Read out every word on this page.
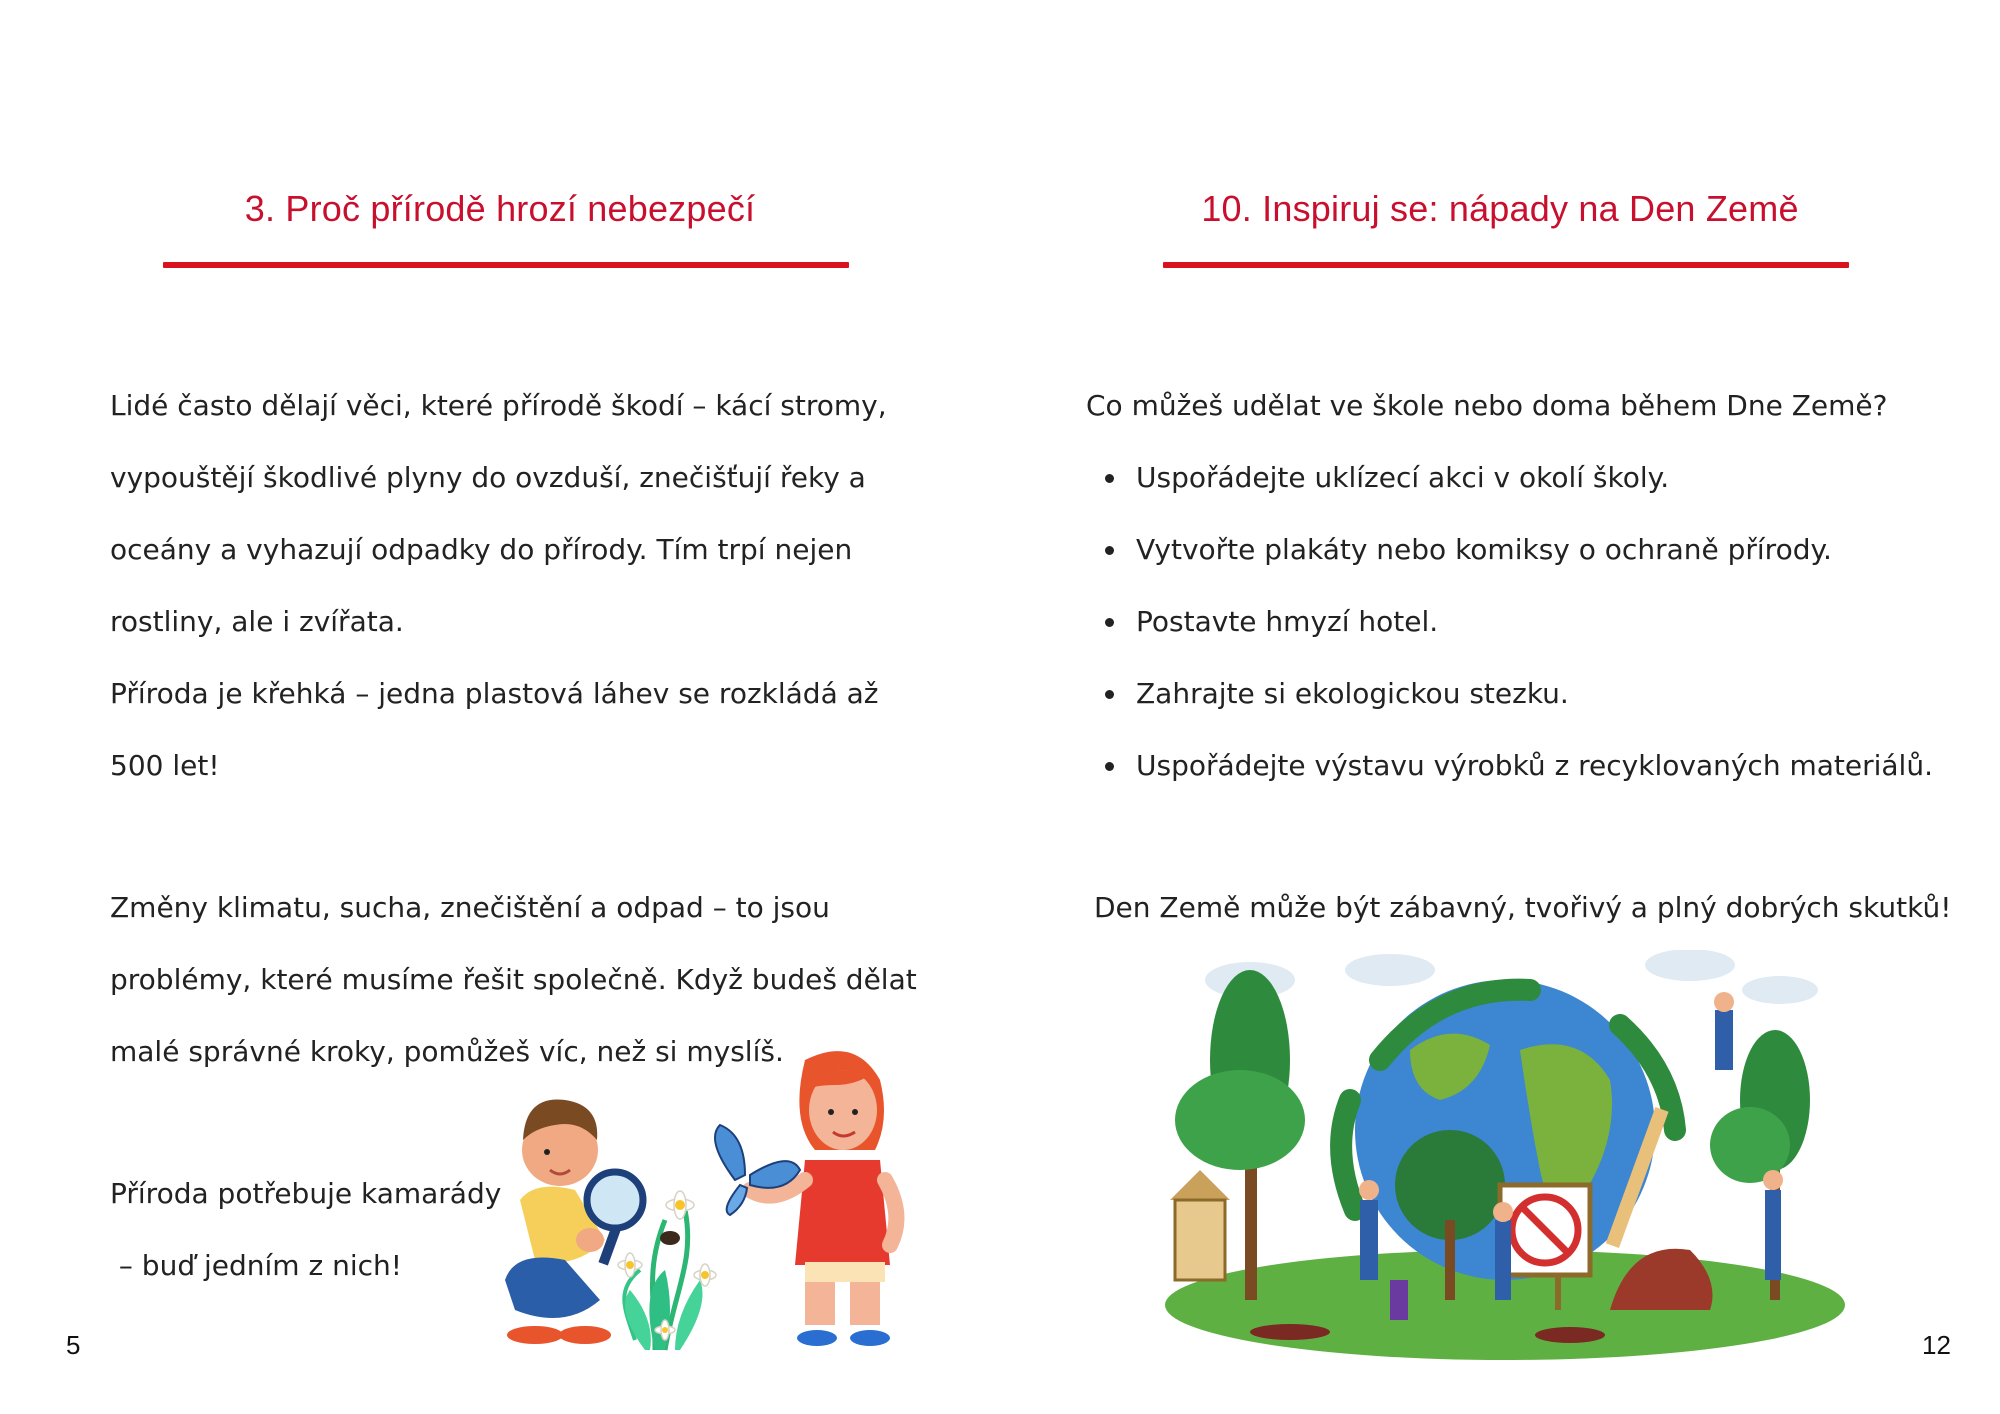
3. Proč přírodě hrozí nebezpečí
Lidé často dělají věci, které přírodě škodí – kácí stromy,
vypouštějí škodlivé plyny do ovzduší, znečišťují řeky a
oceány a vyhazují odpadky do přírody. Tím trpí nejen
rostliny, ale i zvířata.
Příroda je křehká – jedna plastová láhev se rozkládá až
500 let!
Změny klimatu, sucha, znečištění a odpad – to jsou
problémy, které musíme řešit společně. Když budeš dělat
malé správné kroky, pomůžeš víc, než si myslíš.
Příroda potřebuje kamarády
– buď jedním z nich!
5
10. Inspiruj se: nápady na Den Země
Co můžeš udělat ve škole nebo doma během Dne Země?
Uspořádejte uklízecí akci v okolí školy.
Vytvořte plakáty nebo komiksy o ochraně přírody.
Postavte hmyzí hotel.
Zahrajte si ekologickou stezku.
Uspořádejte výstavu výrobků z recyklovaných materiálů.
Den Země může být zábavný, tvořivý a plný dobrých skutků!
12
